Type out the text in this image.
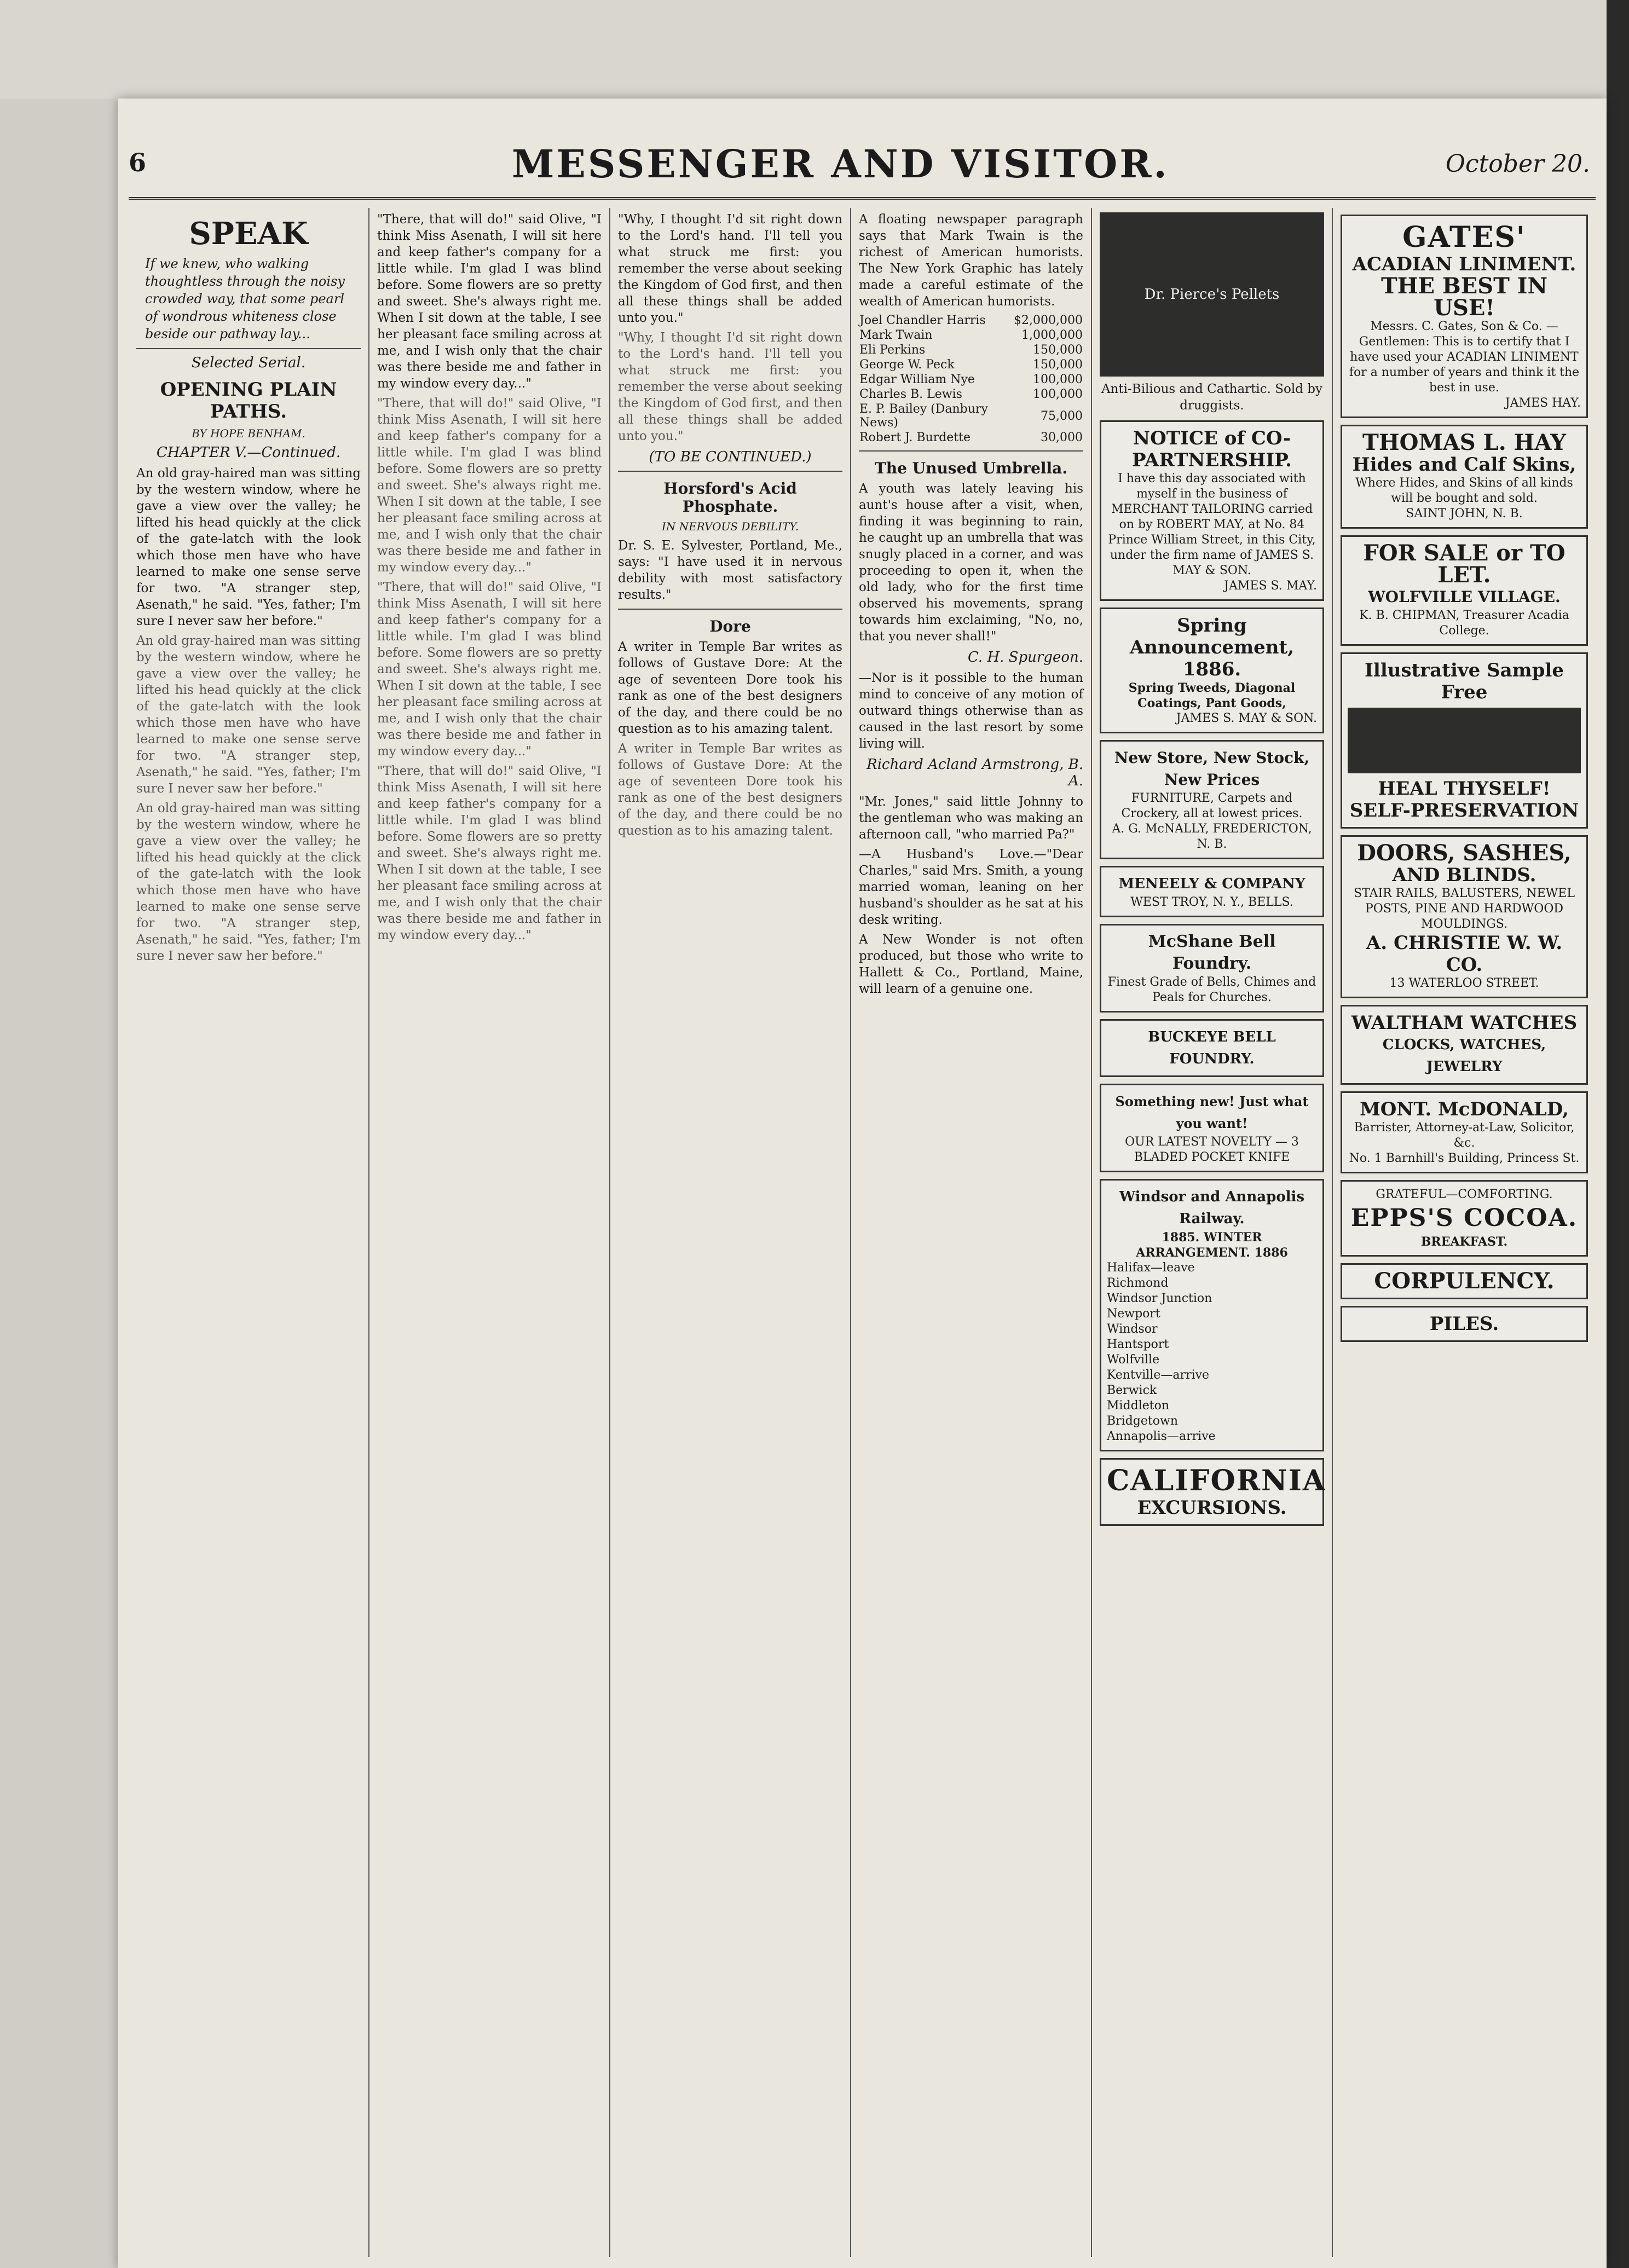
6	MESSENGER AND VISITOR.	October 20.
SPEAK
If we knew, who walking thoughtless through the noisy crowded way, that some pearl of wondrous whiteness close beside our pathway lay...
Selected Serial.
OPENING PLAIN PATHS.
BY HOPE BENHAM.
CHAPTER V.—Continued.
An old gray-haired man was sitting by the western window, where he gave a view over the valley; he lifted his head quickly at the click of the gate-latch with the look which those men have who have learned to make one sense serve for two. "A stranger step, Asenath," he said. "Yes, father; I'm sure I never saw her before."
An old gray-haired man was sitting by the western window, where he gave a view over the valley; he lifted his head quickly at the click of the gate-latch with the look which those men have who have learned to make one sense serve for two. "A stranger step, Asenath," he said. "Yes, father; I'm sure I never saw her before."
An old gray-haired man was sitting by the western window, where he gave a view over the valley; he lifted his head quickly at the click of the gate-latch with the look which those men have who have learned to make one sense serve for two. "A stranger step, Asenath," he said. "Yes, father; I'm sure I never saw her before."
"There, that will do!" said Olive, "I think Miss Asenath, I will sit here and keep father's company for a little while. I'm glad I was blind before. Some flowers are so pretty and sweet. She's always right me. When I sit down at the table, I see her pleasant face smiling across at me, and I wish only that the chair was there beside me and father in my window every day..."
"There, that will do!" said Olive, "I think Miss Asenath, I will sit here and keep father's company for a little while. I'm glad I was blind before. Some flowers are so pretty and sweet. She's always right me. When I sit down at the table, I see her pleasant face smiling across at me, and I wish only that the chair was there beside me and father in my window every day..."
"There, that will do!" said Olive, "I think Miss Asenath, I will sit here and keep father's company for a little while. I'm glad I was blind before. Some flowers are so pretty and sweet. She's always right me. When I sit down at the table, I see her pleasant face smiling across at me, and I wish only that the chair was there beside me and father in my window every day..."
"There, that will do!" said Olive, "I think Miss Asenath, I will sit here and keep father's company for a little while. I'm glad I was blind before. Some flowers are so pretty and sweet. She's always right me. When I sit down at the table, I see her pleasant face smiling across at me, and I wish only that the chair was there beside me and father in my window every day..."
"Why, I thought I'd sit right down to the Lord's hand. I'll tell you what struck me first: you remember the verse about seeking the Kingdom of God first, and then all these things shall be added unto you."
"Why, I thought I'd sit right down to the Lord's hand. I'll tell you what struck me first: you remember the verse about seeking the Kingdom of God first, and then all these things shall be added unto you."
(TO BE CONTINUED.)
Horsford's Acid Phosphate.
IN NERVOUS DEBILITY.
Dr. S. E. Sylvester, Portland, Me., says: "I have used it in nervous debility with most satisfactory results."
Dore
A writer in Temple Bar writes as follows of Gustave Dore: At the age of seventeen Dore took his rank as one of the best designers of the day, and there could be no question as to his amazing talent.
A writer in Temple Bar writes as follows of Gustave Dore: At the age of seventeen Dore took his rank as one of the best designers of the day, and there could be no question as to his amazing talent.
A floating newspaper paragraph says that Mark Twain is the richest of American humorists. The New York Graphic has lately made a careful estimate of the wealth of American humorists.
Joel Chandler Harris	$2,000,000
Mark Twain	1,000,000
Eli Perkins	150,000
George W. Peck	150,000
Edgar William Nye	100,000
Charles B. Lewis	100,000
E. P. Bailey (Danbury News)	75,000
Robert J. Burdette	30,000
The Unused Umbrella.
A youth was lately leaving his aunt's house after a visit, when, finding it was beginning to rain, he caught up an umbrella that was snugly placed in a corner, and was proceeding to open it, when the old lady, who for the first time observed his movements, sprang towards him exclaiming, "No, no, that you never shall!"
C. H. Spurgeon.
—Nor is it possible to the human mind to conceive of any motion of outward things otherwise than as caused in the last resort by some living will.
Richard Acland Armstrong, B. A.
"Mr. Jones," said little Johnny to the gentleman who was making an afternoon call, "who married Pa?"
—A Husband's Love.—"Dear Charles," said Mrs. Smith, a young married woman, leaning on her husband's shoulder as he sat at his desk writing.
A New Wonder is not often produced, but those who write to Hallett & Co., Portland, Maine, will learn of a genuine one.
Dr. Pierce's Pellets
Anti-Bilious and Cathartic. Sold by druggists.
NOTICE of CO-PARTNERSHIP.
I have this day associated with myself in the business of MERCHANT TAILORING carried on by ROBERT MAY, at No. 84 Prince William Street, in this City, under the firm name of JAMES S. MAY & SON.
JAMES S. MAY.
Spring Announcement, 1886.
Spring Tweeds, Diagonal Coatings, Pant Goods,
JAMES S. MAY & SON.
New Store, New Stock, New Prices
FURNITURE, Carpets and Crockery, all at lowest prices.
A. G. McNALLY, FREDERICTON, N. B.
MENEELY & COMPANY
WEST TROY, N. Y., BELLS.
McShane Bell Foundry.
Finest Grade of Bells, Chimes and Peals for Churches.
BUCKEYE BELL FOUNDRY.
Something new! Just what you want!
OUR LATEST NOVELTY — 3 BLADED POCKET KNIFE
Windsor and Annapolis Railway.
1885. WINTER ARRANGEMENT. 1886
Halifax—leave
Richmond
Windsor Junction
Newport
Windsor
Hantsport
Wolfville
Kentville—arrive
Berwick
Middleton
Bridgetown
Annapolis—arrive
CALIFORNIA
EXCURSIONS.
GATES'
ACADIAN LINIMENT.
THE BEST IN USE!
Messrs. C. Gates, Son & Co. — Gentlemen: This is to certify that I have used your ACADIAN LINIMENT for a number of years and think it the best in use.
JAMES HAY.
THOMAS L. HAY
Hides and Calf Skins,
Where Hides, and Skins of all kinds will be bought and sold.
SAINT JOHN, N. B.
FOR SALE or TO LET.
WOLFVILLE VILLAGE.
K. B. CHIPMAN, Treasurer Acadia College.
Illustrative Sample Free
HEAL THYSELF!
SELF-PRESERVATION
DOORS, SASHES,
AND BLINDS.
STAIR RAILS, BALUSTERS, NEWEL POSTS, PINE AND HARDWOOD MOULDINGS.
A. CHRISTIE W. W. CO.
13 WATERLOO STREET.
WALTHAM WATCHES
CLOCKS, WATCHES, JEWELRY
MONT. McDONALD,
Barrister, Attorney-at-Law, Solicitor, &c.
No. 1 Barnhill's Building, Princess St.
GRATEFUL—COMFORTING.
EPPS'S COCOA.
BREAKFAST.
CORPULENCY.
PILES.
